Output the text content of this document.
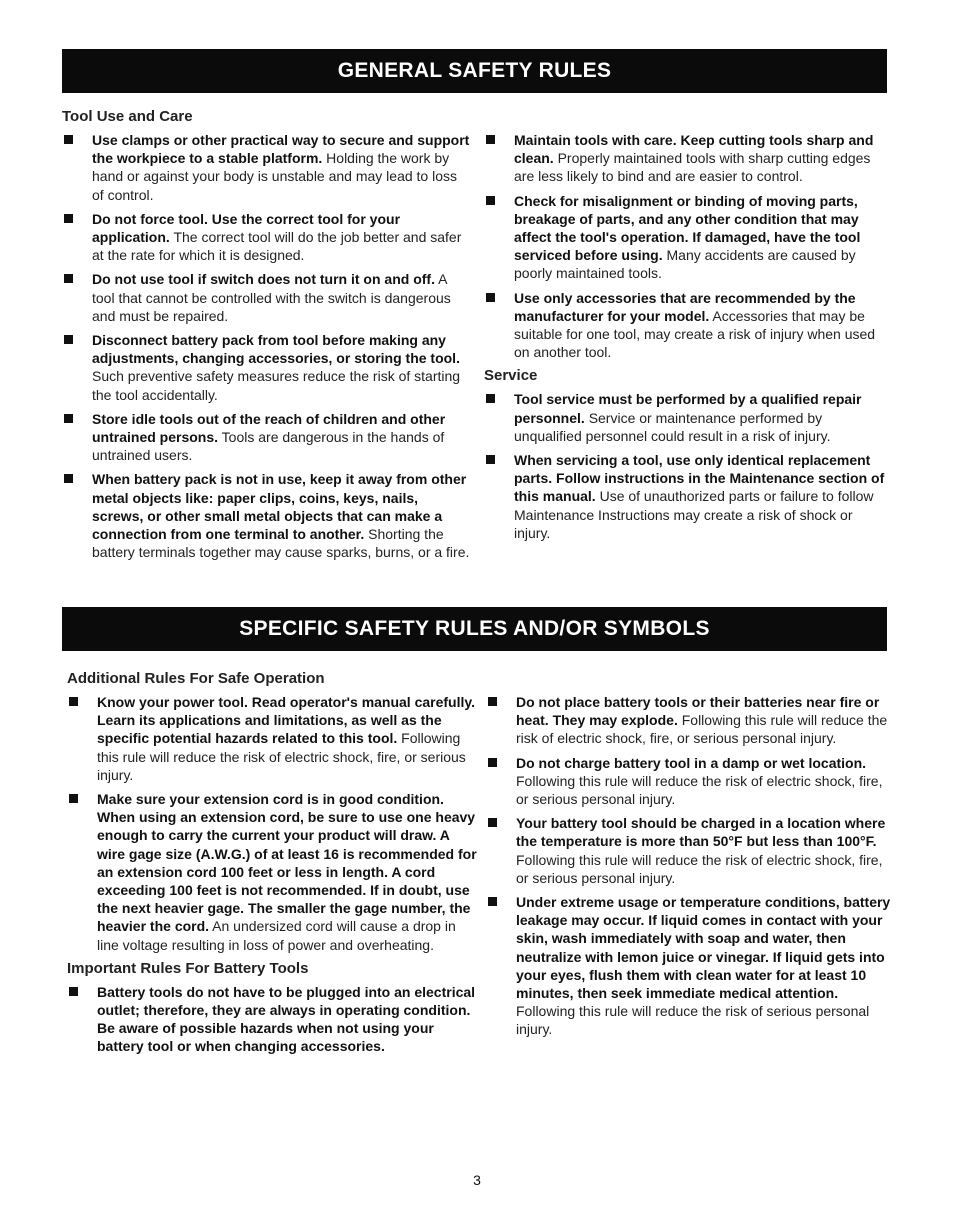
GENERAL SAFETY RULES
Tool Use and Care
Use clamps or other practical way to secure and support the workpiece to a stable platform. Holding the work by hand or against your body is unstable and may lead to loss of control.
Do not force tool. Use the correct tool for your application. The correct tool will do the job better and safer at the rate for which it is designed.
Do not use tool if switch does not turn it on and off. A tool that cannot be controlled with the switch is dangerous and must be repaired.
Disconnect battery pack from tool before making any adjustments, changing accessories, or storing the tool. Such preventive safety measures reduce the risk of starting the tool accidentally.
Store idle tools out of the reach of children and other untrained persons. Tools are dangerous in the hands of untrained users.
When battery pack is not in use, keep it away from other metal objects like: paper clips, coins, keys, nails, screws, or other small metal objects that can make a connection from one terminal to another. Shorting the battery terminals together may cause sparks, burns, or a fire.
Maintain tools with care. Keep cutting tools sharp and clean. Properly maintained tools with sharp cutting edges are less likely to bind and are easier to control.
Check for misalignment or binding of moving parts, breakage of parts, and any other condition that may affect the tool's operation. If damaged, have the tool serviced before using. Many accidents are caused by poorly maintained tools.
Use only accessories that are recommended by the manufacturer for your model. Accessories that may be suitable for one tool, may create a risk of injury when used on another tool.
Service
Tool service must be performed by a qualified repair personnel. Service or maintenance performed by unqualified personnel could result in a risk of injury.
When servicing a tool, use only identical replacement parts. Follow instructions in the Maintenance section of this manual. Use of unauthorized parts or failure to follow Maintenance Instructions may create a risk of shock or injury.
SPECIFIC SAFETY RULES AND/OR SYMBOLS
Additional Rules For Safe Operation
Know your power tool. Read operator's manual carefully. Learn its applications and limitations, as well as the specific potential hazards related to this tool. Following this rule will reduce the risk of electric shock, fire, or serious injury.
Make sure your extension cord is in good condition. When using an extension cord, be sure to use one heavy enough to carry the current your product will draw. A wire gage size (A.W.G.) of at least 16 is recommended for an extension cord 100 feet or less in length. A cord exceeding 100 feet is not recommended. If in doubt, use the next heavier gage. The smaller the gage number, the heavier the cord. An undersized cord will cause a drop in line voltage resulting in loss of power and overheating.
Important Rules For Battery Tools
Battery tools do not have to be plugged into an electrical outlet; therefore, they are always in operating condition. Be aware of possible hazards when not using your battery tool or when changing accessories.
Do not place battery tools or their batteries near fire or heat. They may explode. Following this rule will reduce the risk of electric shock, fire, or serious personal injury.
Do not charge battery tool in a damp or wet location. Following this rule will reduce the risk of electric shock, fire, or serious personal injury.
Your battery tool should be charged in a location where the temperature is more than 50°F but less than 100°F. Following this rule will reduce the risk of electric shock, fire, or serious personal injury.
Under extreme usage or temperature conditions, battery leakage may occur. If liquid comes in contact with your skin, wash immediately with soap and water, then neutralize with lemon juice or vinegar. If liquid gets into your eyes, flush them with clean water for at least 10 minutes, then seek immediate medical attention. Following this rule will reduce the risk of serious personal injury.
3
